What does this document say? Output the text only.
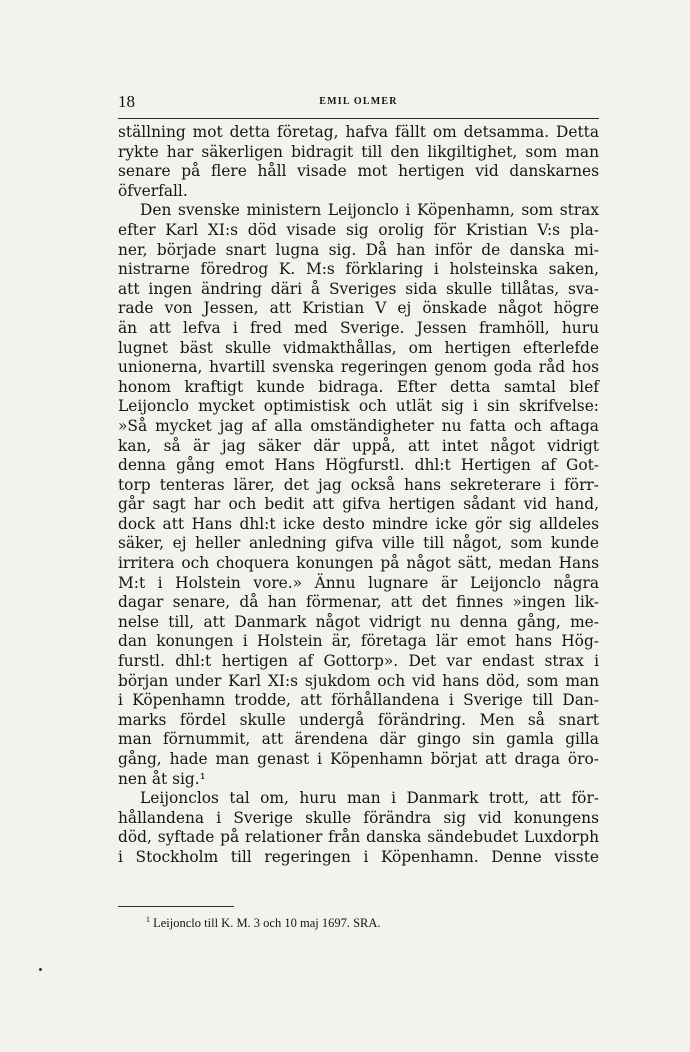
18	EMIL OLMER
ställning mot detta företag, hafva fällt om detsamma. Detta
rykte har säkerligen bidragit till den likgiltighet, som man
senare på flere håll visade mot hertigen vid danskarnes
öfverfall.
Den svenske ministern Leijonclo i Köpenhamn, som strax
efter Karl XI:s död visade sig orolig för Kristian V:s pla-
ner, började snart lugna sig. Då han inför de danska mi-
nistrarne föredrog K. M:s förklaring i holsteinska saken,
att ingen ändring däri å Sveriges sida skulle tillåtas, sva-
rade von Jessen, att Kristian V ej önskade något högre
än att lefva i fred med Sverige. Jessen framhöll, huru
lugnet bäst skulle vidmakthållas, om hertigen efterlefde
unionerna, hvartill svenska regeringen genom goda råd hos
honom kraftigt kunde bidraga. Efter detta samtal blef
Leijonclo mycket optimistisk och utlät sig i sin skrifvelse:
»Så mycket jag af alla omständigheter nu fatta och aftaga
kan, så är jag säker där uppå, att intet något vidrigt
denna gång emot Hans Högfurstl. dhl:t Hertigen af Got-
torp tenteras lärer, det jag också hans sekreterare i förr-
går sagt har och bedit att gifva hertigen sådant vid hand,
dock att Hans dhl:t icke desto mindre icke gör sig alldeles
säker, ej heller anledning gifva ville till något, som kunde
irritera och choquera konungen på något sätt, medan Hans
M:t i Holstein vore.» Ännu lugnare är Leijonclo några
dagar senare, då han förmenar, att det finnes »ingen lik-
nelse till, att Danmark något vidrigt nu denna gång, me-
dan konungen i Holstein är, företaga lär emot hans Hög-
furstl. dhl:t hertigen af Gottorp». Det var endast strax i
början under Karl XI:s sjukdom och vid hans död, som man
i Köpenhamn trodde, att förhållandena i Sverige till Dan-
marks fördel skulle undergå förändring. Men så snart
man förnummit, att ärendena där gingo sin gamla gilla
gång, hade man genast i Köpenhamn börjat att draga öro-
nen åt sig.¹
Leijonclos tal om, huru man i Danmark trott, att för-
hållandena i Sverige skulle förändra sig vid konungens
död, syftade på relationer från danska sändebudet Luxdorph
i Stockholm till regeringen i Köpenhamn. Denne visste
$^1$ Leijonclo till K. M. 3 och 10 maj 1697. SRA.
